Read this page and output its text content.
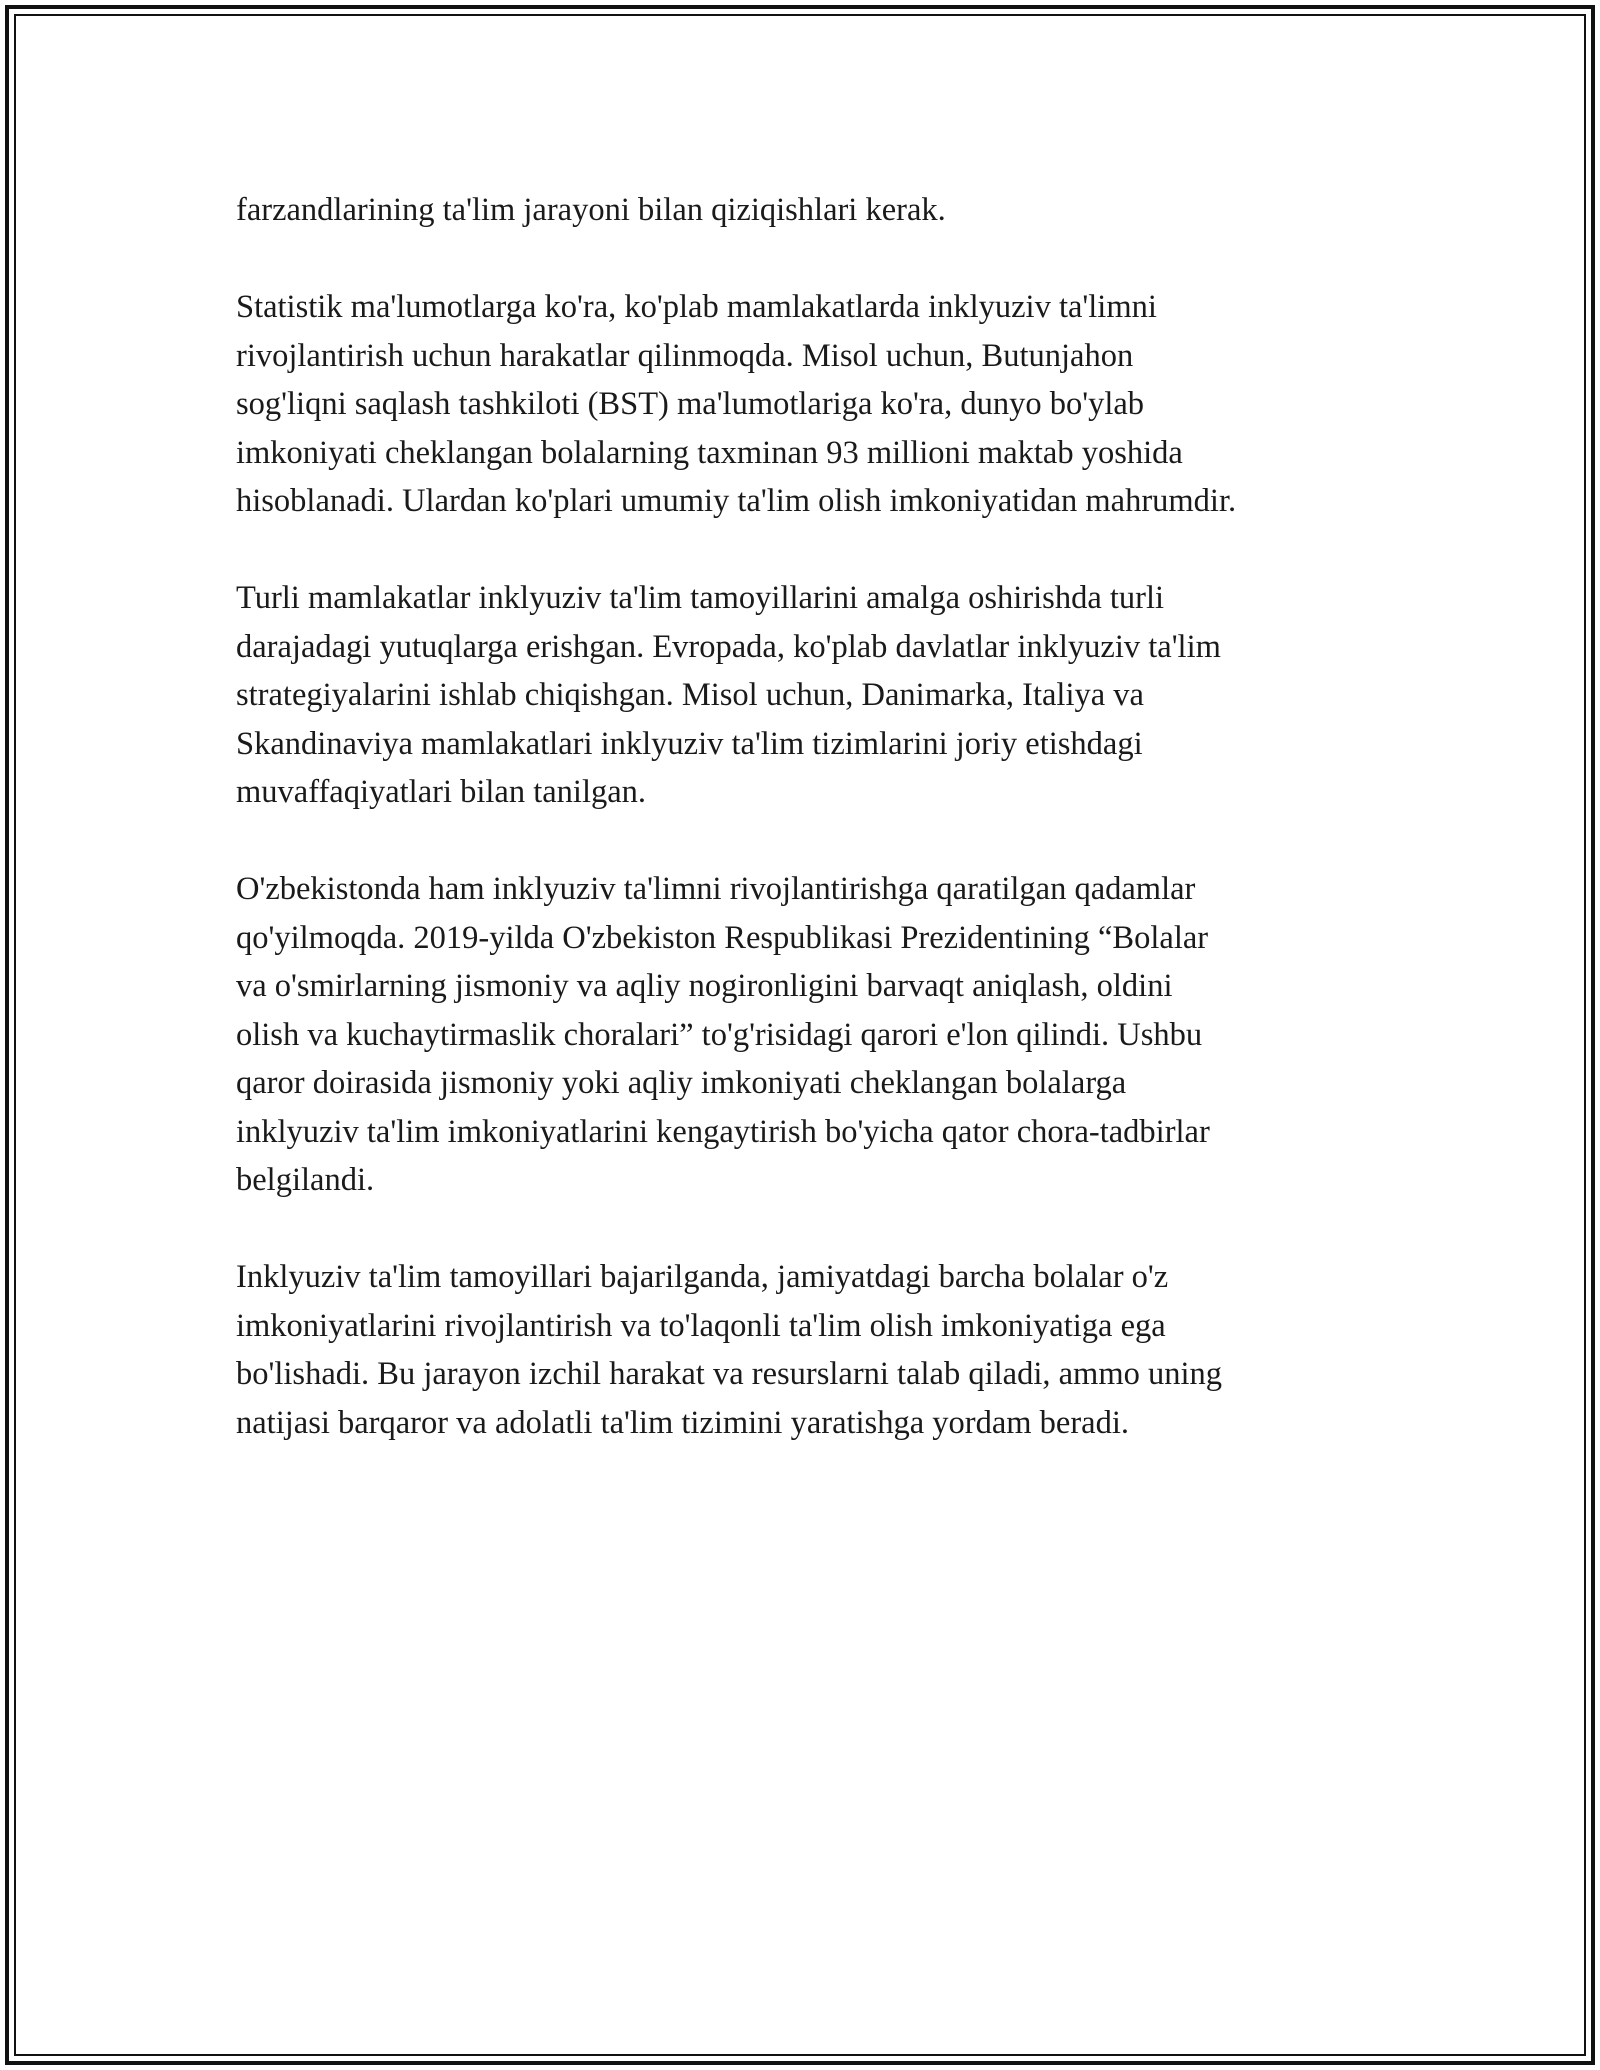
farzandlarining ta'lim jarayoni bilan qiziqishlari kerak.
Statistik ma'lumotlarga ko'ra, ko'plab mamlakatlarda inklyuziv ta'limni
rivojlantirish uchun harakatlar qilinmoqda. Misol uchun, Butunjahon
sog'liqni saqlash tashkiloti (BST) ma'lumotlariga ko'ra, dunyo bo'ylab
imkoniyati cheklangan bolalarning taxminan 93 millioni maktab yoshida
hisoblanadi. Ulardan ko'plari umumiy ta'lim olish imkoniyatidan mahrumdir.
Turli mamlakatlar inklyuziv ta'lim tamoyillarini amalga oshirishda turli
darajadagi yutuqlarga erishgan. Evropada, ko'plab davlatlar inklyuziv ta'lim
strategiyalarini ishlab chiqishgan. Misol uchun, Danimarka, Italiya va
Skandinaviya mamlakatlari inklyuziv ta'lim tizimlarini joriy etishdagi
muvaffaqiyatlari bilan tanilgan.
O'zbekistonda ham inklyuziv ta'limni rivojlantirishga qaratilgan qadamlar
qo'yilmoqda. 2019-yilda O'zbekiston Respublikasi Prezidentining “Bolalar
va o'smirlarning jismoniy va aqliy nogironligini barvaqt aniqlash, oldini
olish va kuchaytirmaslik choralari” to'g'risidagi qarori e'lon qilindi. Ushbu
qaror doirasida jismoniy yoki aqliy imkoniyati cheklangan bolalarga
inklyuziv ta'lim imkoniyatlarini kengaytirish bo'yicha qator chora-tadbirlar
belgilandi.
Inklyuziv ta'lim tamoyillari bajarilganda, jamiyatdagi barcha bolalar o'z
imkoniyatlarini rivojlantirish va to'laqonli ta'lim olish imkoniyatiga ega
bo'lishadi. Bu jarayon izchil harakat va resurslarni talab qiladi, ammo uning
natijasi barqaror va adolatli ta'lim tizimini yaratishga yordam beradi.
